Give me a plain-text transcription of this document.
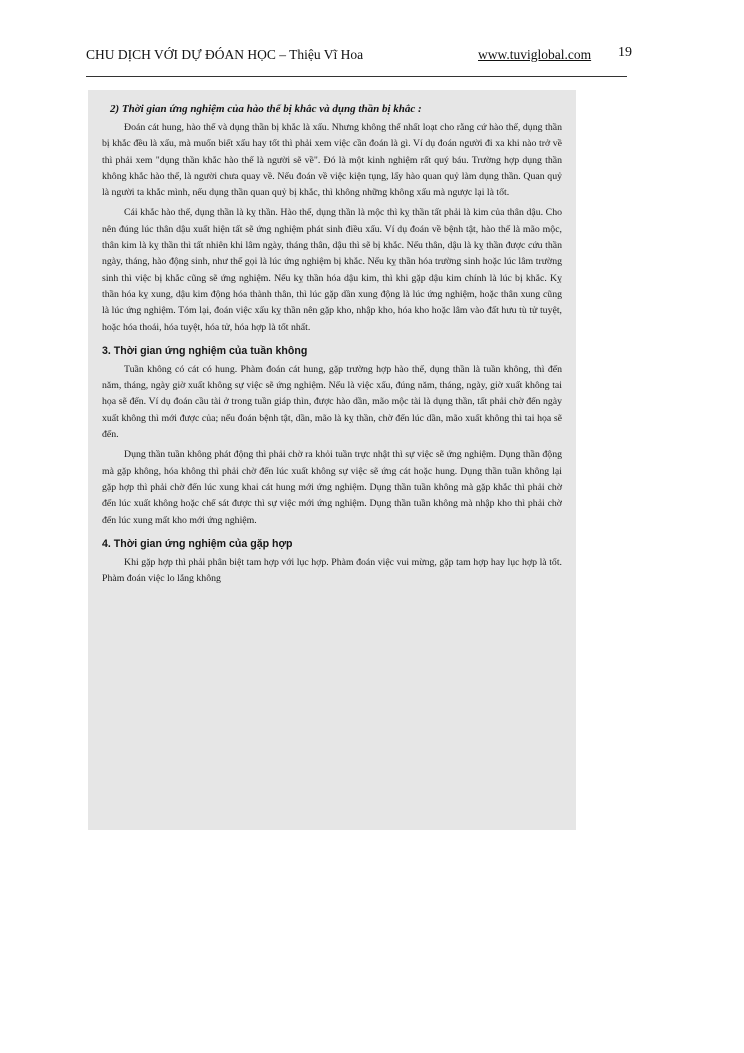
CHU DỊCH VỚI DỰ ĐÓAN HỌC – Thiệu Vĩ Hoa	www.tuviglobal.com 19
2) Thời gian ứng nghiệm của hào thế bị khắc và dụng thần bị khắc :

Đoán cát hung, hào thế và dụng thần bị khắc là xấu. Nhưng không thể nhất loạt cho rằng cứ hào thế, dụng thần bị khắc đều là xấu, mà muốn biết xấu hay tốt thì phải xem việc cần đoán là gì. Ví dụ đoán người đi xa khi nào trở về thì phải xem "dụng thần khắc hào thế là người sẽ về". Đó là một kinh nghiệm rất quý báu. Trường hợp dụng thần không khắc hào thế, là người chưa quay về. Nếu đoán về việc kiện tụng, lấy hào quan quỷ làm dụng thần. Quan quỷ là người ta khắc mình, nếu dụng thần quan quỷ bị khắc, thì không những không xấu mà ngược lại là tốt.

Cái khắc hào thế, dụng thần là kỵ thần. Hào thế, dụng thần là mộc thì kỵ thần tất phải là kim của thân dậu. Cho nên đúng lúc thân dậu xuất hiện tất sẽ ứng nghiệm phát sinh điều xấu. Ví dụ đoán về bệnh tật, hào thế là mão mộc, thân kim là kỵ thần thì tất nhiên khi lâm ngày, tháng thân, dậu thì sẽ bị khắc. Nếu thân, dậu là kỵ thần được cứu thần ngày, tháng, hào động sinh, như thế gọi là lúc ứng nghiệm bị khắc. Nếu kỵ thần hóa trường sinh hoặc lúc lâm trường sinh thì việc bị khắc cũng sẽ ứng nghiệm. Nếu kỵ thần hóa dậu kim, thì khi gặp dậu kim chính là lúc bị khắc. Kỵ thần hóa kỵ xung, dậu kim động hóa thành thân, thì lúc gặp dần xung động là lúc ứng nghiệm, hoặc thân xung cũng là lúc ứng nghiệm. Tóm lại, đoán việc xấu kỵ thần nên gặp kho, nhập kho, hóa kho hoặc lâm vào đất hưu tù tử tuyệt, hoặc hóa thoái, hóa tuyệt, hóa tử, hóa hợp là tốt nhất.

3. Thời gian ứng nghiệm của tuần không

Tuần không có cát có hung. Phàm đoán cát hung, gặp trường hợp hào thế, dụng thần là tuần không, thì đến năm, tháng, ngày giờ xuất không sự việc sẽ ứng nghiệm. Nếu là việc xấu, đúng năm, tháng, ngày, giờ xuất không tai họa sẽ đến. Ví dụ đoán cầu tài ở trong tuần giáp thìn, được hào dần, mão mộc tài là dụng thần, tất phải chờ đến ngày xuất không thì mới được của; nếu đoán bệnh tật, dần, mão là kỵ thần, chờ đến lúc dần, mão xuất không thì tai họa sẽ đến.

Dụng thần tuần không phát động thì phải chờ ra khỏi tuần trực nhật thì sự việc sẽ ứng nghiệm. Dụng thần động mà gặp không, hóa không thì phải chờ đến lúc xuất không sự việc sẽ ứng cát hoặc hung. Dụng thần tuần không lại gặp hợp thì phải chờ đến lúc xung khai cát hung mới ứng nghiệm. Dụng thần tuần không mà gặp khắc thì phải chờ đến lúc xuất không hoặc chế sát được thì sự việc mới ứng nghiệm. Dụng thần tuần không mà nhập kho thì phải chờ đến lúc xung mất kho mới ứng nghiệm.

4. Thời gian ứng nghiệm của gặp hợp

Khi gặp hợp thì phải phân biệt tam hợp với lục hợp. Phàm đoán việc vui mừng, gặp tam hợp hay lục hợp là tốt. Phàm đoán việc lo lắng không
